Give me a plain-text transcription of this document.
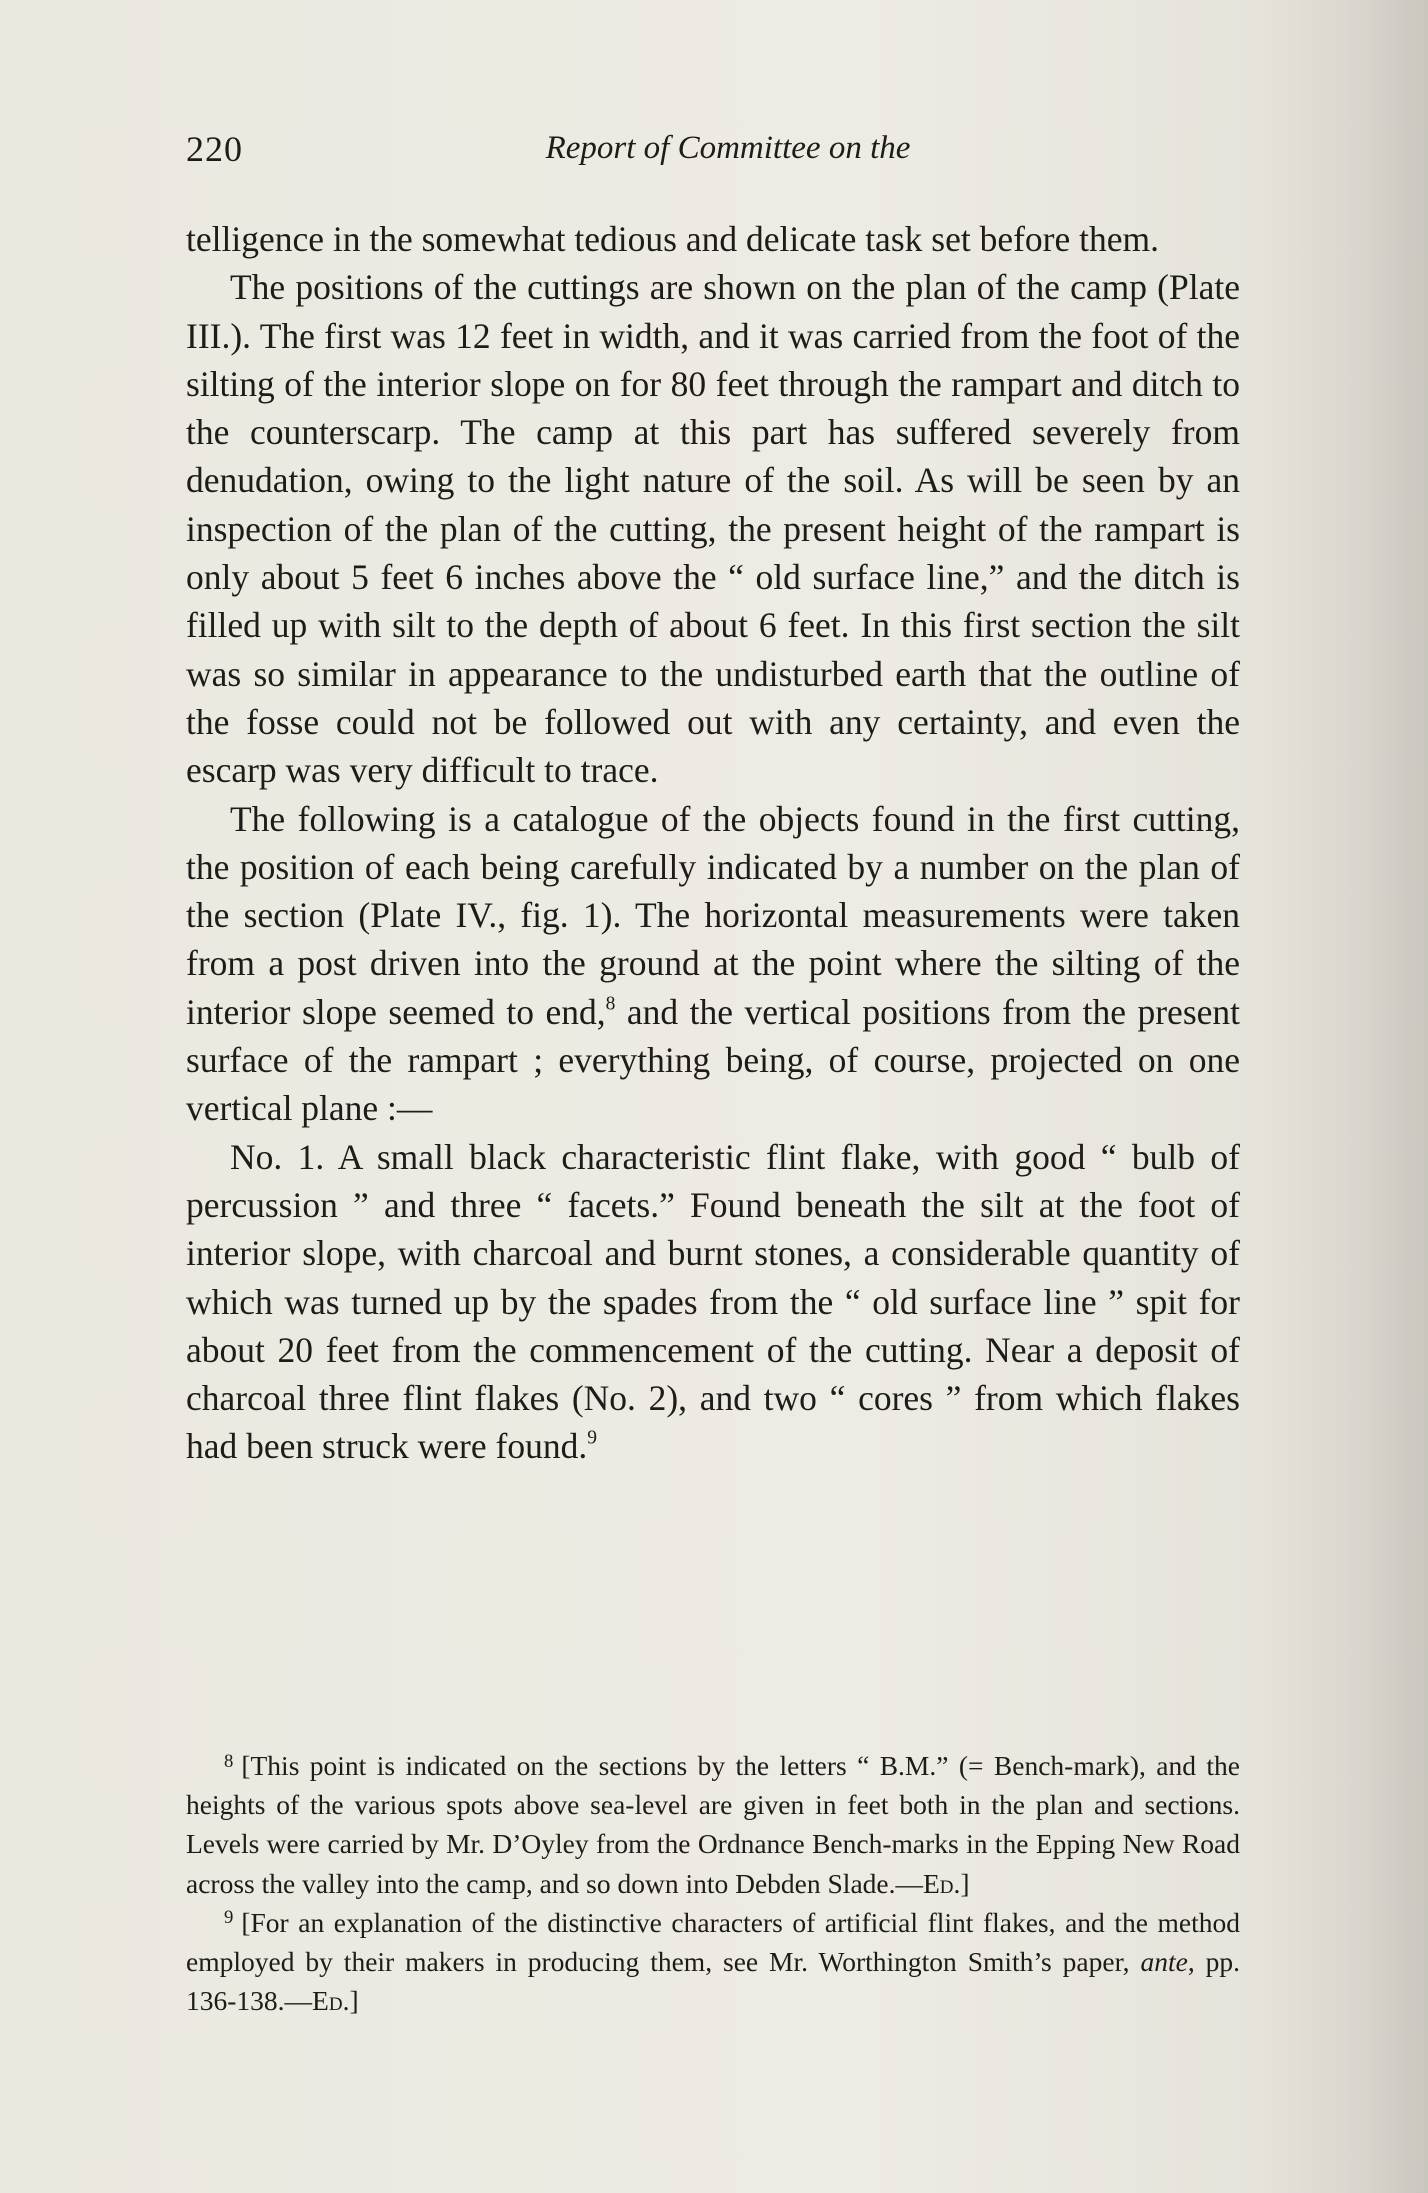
220	Report of Committee on the

telligence in the somewhat tedious and delicate task set before them.

The positions of the cuttings are shown on the plan of the camp (Plate III.). The first was 12 feet in width, and it was carried from the foot of the silting of the interior slope on for 80 feet through the rampart and ditch to the counterscarp. The camp at this part has suffered severely from denudation, owing to the light nature of the soil. As will be seen by an inspection of the plan of the cutting, the present height of the rampart is only about 5 feet 6 inches above the “ old surface line,” and the ditch is filled up with silt to the depth of about 6 feet. In this first section the silt was so similar in appearance to the undisturbed earth that the outline of the fosse could not be followed out with any certainty, and even the escarp was very difficult to trace.

The following is a catalogue of the objects found in the first cutting, the position of each being carefully indicated by a number on the plan of the section (Plate IV., fig. 1). The horizontal measurements were taken from a post driven into the ground at the point where the silting of the interior slope seemed to end,$^8$ and the vertical positions from the present surface of the rampart ; everything being, of course, projected on one vertical plane :—

No. 1. A small black characteristic flint flake, with good “ bulb of percussion ” and three “ facets.” Found beneath the silt at the foot of interior slope, with charcoal and burnt stones, a considerable quantity of which was turned up by the spades from the “ old surface line ” spit for about 20 feet from the commencement of the cutting. Near a deposit of charcoal three flint flakes (No. 2), and two “ cores ” from which flakes had been struck were found.$^9$

$^8$ [This point is indicated on the sections by the letters “ B.M.” (= Bench-mark), and the heights of the various spots above sea-level are given in feet both in the plan and sections. Levels were carried by Mr. D’Oyley from the Ordnance Bench-marks in the Epping New Road across the valley into the camp, and so down into Debden Slade.—Ed.]

$^9$ [For an explanation of the distinctive characters of artificial flint flakes, and the method employed by their makers in producing them, see Mr. Worthington Smith’s paper, ante, pp. 136-138.—Ed.]
